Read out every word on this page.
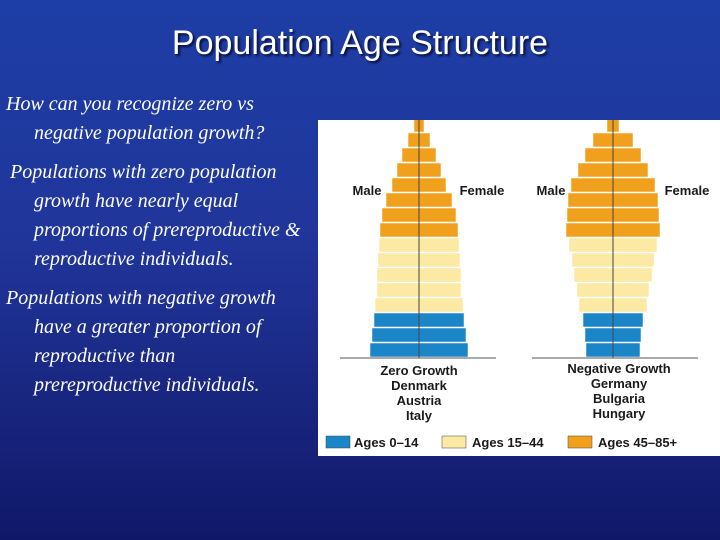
Population Age Structure

How can you recognize zero vs negative population growth?

Populations with zero population growth have nearly equal proportions of prereproductive & reproductive individuals.

Populations with negative growth have a greater proportion of reproductive than prereproductive individuals.

Male	Female Male	Female
Zero Growth
Denmark
Austria
Italy
Negative Growth
Germany
Bulgaria
Hungary
Ages 0–14	Ages 15–44	Ages 45–85+
